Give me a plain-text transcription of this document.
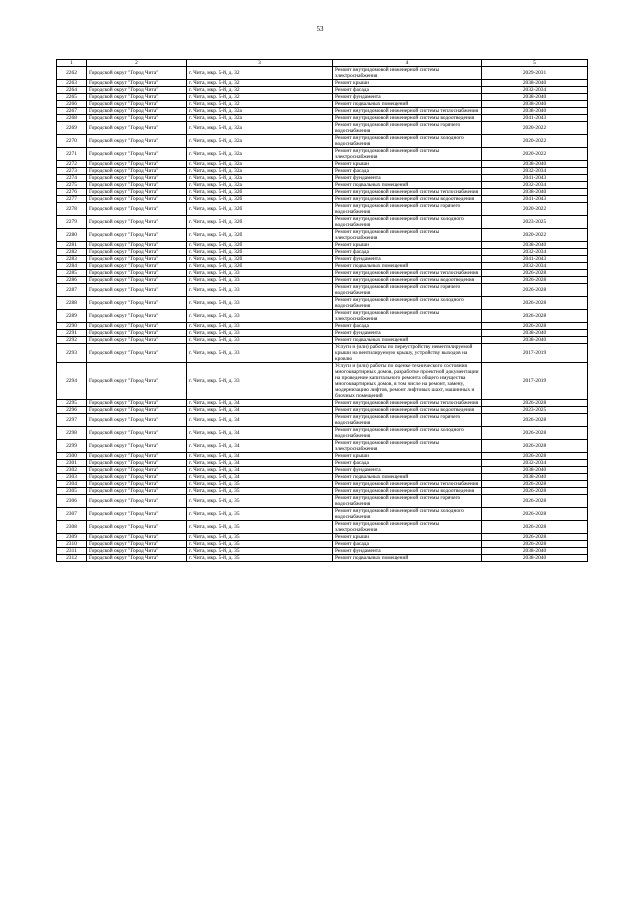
53
1	2	3	4	5
2262	Городской округ "Город Чита"	г. Чита, мкр. 5-й, д. 32	Ремонт внутридомовой инженерной системы электроснабжения	2029-2031
2263	Городской округ "Город Чита"	г. Чита, мкр. 5-й, д. 32	Ремонт крыши	2038-2040
2264	Городской округ "Город Чита"	г. Чита, мкр. 5-й, д. 32	Ремонт фасада	2032-2034
2265	Городской округ "Город Чита"	г. Чита, мкр. 5-й, д. 32	Ремонт фундамента	2038-2040
2266	Городской округ "Город Чита"	г. Чита, мкр. 5-й, д. 32	Ремонт подвальных помещений	2038-2040
2267	Городской округ "Город Чита"	г. Чита, мкр. 5-й, д. 32а	Ремонт внутридомовой инженерной системы теплоснабжения	2038-2040
2268	Городской округ "Город Чита"	г. Чита, мкр. 5-й, д. 32а	Ремонт внутридомовой инженерной системы водоотведения	2041-2043
2269	Городской округ "Город Чита"	г. Чита, мкр. 5-й, д. 32а	Ремонт внутридомовой инженерной системы горячего водоснабжения	2020-2022
2270	Городской округ "Город Чита"	г. Чита, мкр. 5-й, д. 32а	Ремонт внутридомовой инженерной системы холодного водоснабжения	2020-2022
2271	Городской округ "Город Чита"	г. Чита, мкр. 5-й, д. 32а	Ремонт внутридомовой инженерной системы электроснабжения	2020-2022
2272	Городской округ "Город Чита"	г. Чита, мкр. 5-й, д. 32а	Ремонт крыши	2038-2040
2273	Городской округ "Город Чита"	г. Чита, мкр. 5-й, д. 32а	Ремонт фасада	2032-2034
2274	Городской округ "Город Чита"	г. Чита, мкр. 5-й, д. 32а	Ремонт фундамента	2041-2043
2275	Городской округ "Город Чита"	г. Чита, мкр. 5-й, д. 32а	Ремонт подвальных помещений	2032-2034
2276	Городской округ "Город Чита"	г. Чита, мкр. 5-й, д. 32б	Ремонт внутридомовой инженерной системы теплоснабжения	2038-2040
2277	Городской округ "Город Чита"	г. Чита, мкр. 5-й, д. 32б	Ремонт внутридомовой инженерной системы водоотведения	2041-2043
2278	Городской округ "Город Чита"	г. Чита, мкр. 5-й, д. 32б	Ремонт внутридомовой инженерной системы горячего водоснабжения	2020-2022
2279	Городской округ "Город Чита"	г. Чита, мкр. 5-й, д. 32б	Ремонт внутридомовой инженерной системы холодного водоснабжения	2023-2025
2280	Городской округ "Город Чита"	г. Чита, мкр. 5-й, д. 32б	Ремонт внутридомовой инженерной системы электроснабжения	2020-2022
2281	Городской округ "Город Чита"	г. Чита, мкр. 5-й, д. 32б	Ремонт крыши	2038-2040
2282	Городской округ "Город Чита"	г. Чита, мкр. 5-й, д. 32б	Ремонт фасада	2032-2034
2283	Городской округ "Город Чита"	г. Чита, мкр. 5-й, д. 32б	Ремонт фундамента	2041-2043
2284	Городской округ "Город Чита"	г. Чита, мкр. 5-й, д. 32б	Ремонт подвальных помещений	2032-2034
2285	Городской округ "Город Чита"	г. Чита, мкр. 5-й, д. 33	Ремонт внутридомовой инженерной системы теплоснабжения	2026-2028
2286	Городской округ "Город Чита"	г. Чита, мкр. 5-й, д. 33	Ремонт внутридомовой инженерной системы водоотведения	2026-2028
2287	Городской округ "Город Чита"	г. Чита, мкр. 5-й, д. 33	Ремонт внутридомовой инженерной системы горячего водоснабжения	2026-2028
2288	Городской округ "Город Чита"	г. Чита, мкр. 5-й, д. 33	Ремонт внутридомовой инженерной системы холодного водоснабжения	2026-2028
2289	Городской округ "Город Чита"	г. Чита, мкр. 5-й, д. 33	Ремонт внутридомовой инженерной системы электроснабжения	2026-2028
2290	Городской округ "Город Чита"	г. Чита, мкр. 5-й, д. 33	Ремонт фасада	2026-2028
2291	Городской округ "Город Чита"	г. Чита, мкр. 5-й, д. 33	Ремонт фундамента	2038-2040
2292	Городской округ "Город Чита"	г. Чита, мкр. 5-й, д. 33	Ремонт подвальных помещений	2038-2040
2293	Городской округ "Город Чита"	г. Чита, мкр. 5-й, д. 33	Услуги и (или) работы по переустройству невентилируемой крыши на вентилируемую крышу, устройству выходов на кровлю	2017-2019
2294	Городской округ "Город Чита"	г. Чита, мкр. 5-й, д. 33	Услуги и (или) работы по оценке технического состояния многоквартирных домов, разработке проектной документации на проведение капитального ремонта общего имущества многоквартирных домов, в том числе на ремонт, замену, модернизацию лифтов, ремонт лифтовых шахт, машинных и блочных помещений	2017-2019
2295	Городской округ "Город Чита"	г. Чита, мкр. 5-й, д. 34	Ремонт внутридомовой инженерной системы теплоснабжения	2026-2028
2296	Городской округ "Город Чита"	г. Чита, мкр. 5-й, д. 34	Ремонт внутридомовой инженерной системы водоотведения	2023-2025
2297	Городской округ "Город Чита"	г. Чита, мкр. 5-й, д. 34	Ремонт внутридомовой инженерной системы горячего водоснабжения	2026-2028
2298	Городской округ "Город Чита"	г. Чита, мкр. 5-й, д. 34	Ремонт внутридомовой инженерной системы холодного водоснабжения	2026-2028
2299	Городской округ "Город Чита"	г. Чита, мкр. 5-й, д. 34	Ремонт внутридомовой инженерной системы электроснабжения	2026-2028
2300	Городской округ "Город Чита"	г. Чита, мкр. 5-й, д. 34	Ремонт крыши	2026-2028
2301	Городской округ "Город Чита"	г. Чита, мкр. 5-й, д. 34	Ремонт фасада	2032-2034
2302	Городской округ "Город Чита"	г. Чита, мкр. 5-й, д. 34	Ремонт фундамента	2038-2040
2303	Городской округ "Город Чита"	г. Чита, мкр. 5-й, д. 34	Ремонт подвальных помещений	2038-2040
2304	Городской округ "Город Чита"	г. Чита, мкр. 5-й, д. 35	Ремонт внутридомовой инженерной системы теплоснабжения	2026-2028
2305	Городской округ "Город Чита"	г. Чита, мкр. 5-й, д. 35	Ремонт внутридомовой инженерной системы водоотведения	2026-2028
2306	Городской округ "Город Чита"	г. Чита, мкр. 5-й, д. 35	Ремонт внутридомовой инженерной системы горячего водоснабжения	2026-2028
2307	Городской округ "Город Чита"	г. Чита, мкр. 5-й, д. 35	Ремонт внутридомовой инженерной системы холодного водоснабжения	2026-2028
2308	Городской округ "Город Чита"	г. Чита, мкр. 5-й, д. 35	Ремонт внутридомовой инженерной системы электроснабжения	2026-2028
2309	Городской округ "Город Чита"	г. Чита, мкр. 5-й, д. 35	Ремонт крыши	2026-2028
2310	Городской округ "Город Чита"	г. Чита, мкр. 5-й, д. 35	Ремонт фасада	2026-2028
2311	Городской округ "Город Чита"	г. Чита, мкр. 5-й, д. 35	Ремонт фундамента	2038-2040
2312	Городской округ "Город Чита"	г. Чита, мкр. 5-й, д. 35	Ремонт подвальных помещений	2038-2040
